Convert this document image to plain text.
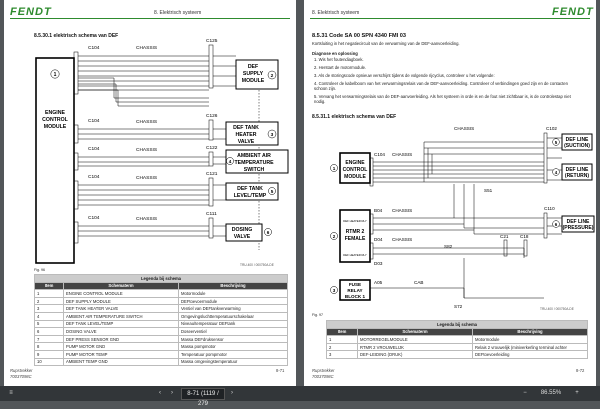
FENDT	8. Elektrisch systeem
8.5.30.1 elektrisch schema van DEF
C104
C125
C104
C126
C104	C122
C104
C121
C104
C111
CHASSIS
CHASSIS
CHASSIS
CHASSIS
CHASSIS
1
ENGINE
CONTROL
MODULE
DEF
SUPPLY
MODULE
2
DEF TANK
HEATER
VALVE
3
AMBIENT AIR
TEMPERATURE
SWITCH
4
DEF TANK
LEVEL/TEMP
5
DOSING
VALVE
6
TRU-400 / 000750A-DE
Fig. 96
Legenda bij schema		
Item	Schematerm	Beschrijving
1	ENGINE CONTROL MODULE	Motormodule
2	DEF SUPPLY MODULE	DEFtoevoermodule
3	DEF TANK HEATER VALVE	Ventiel van DEFtankverwarming
4	AMBIENT AIR TEMPERATURE SWITCH	Omgevingsluchttemperatuurschakelaar
5	DEF TANK LEVEL/TEMP	Niveau/temperatuur DEFtank
6	DOSING VALVE	Doseerventiel
7	DEF PRESS SENSOR GND	Massa DEFdruksensor
8	PUMP MOTOR GND	Massa pompmotor
9	PUMP MOTOR TEMP	Temperatuur pompmotor
10	AMBIENT TEMP GND	Massa omgevingstemperatuur
Rupstrekker
70037098C
8-71
8. Elektrisch systeem	FENDT
8.5.31 Code SA 00 SPN 4340 FMI 03
Kortsluiting in het negatiecircuit van de verwarming van de DEF-aanvoerleiding.
Diagnose en oplossing
1. Wis het foutendiagboek.
2. Herstart de motormodule.
3. Als de storingscode opnieuw verschijnt tijdens de volgende rijcyclus, controleer u het volgende:
4. Controleer de kabelboom van het verwarmingsrelais van de DEF-aanvoerleiding. Controleer of verbindingen goed zijn en de contacten schoon zijn.
5. Vervang het verwarmingsrelais van de DEF-aanvoerleiding. Als het systeem in orde is en de fout niet zichtbaar is, is de controlestap niet nodig.
8.5.31.1 elektrisch schema van DEF
C104
C102
B04
D04
C110
D03
C21	C18
A05
CHASSIS
CHASSIS
CHASSIS
CHASSIS
CAB
S51
S82
S72
ENGINE
CONTROL
MODULE
1
RTMR 2
FEMALE
DEF HEATER RLY
DEF HEATER RLY
2
FUSE
RELAY
BLOCK 1
3
DEF LINE
(SUCTION)
5
DEF LINE
(RETURN)
4
DEF LINE
(PRESSURE)
6
TRU-400 / 000750A-DE
Fig. 97
Legenda bij schema		
Item	Schematerm	Beschrijving
1	MOTORREGELMODULE	Motormodule
2	RTMR 2 VROUWELIJK	Relais 2 vrouwelijk (miniverkerling terminal achter
3	DEF-LEIDING (DRUK)	DEFtoevoerleiding
Rupstrekker
70037098C
8-72
≡	‹	›	8-71 (1119 / 279
›	−	86.55%	+
